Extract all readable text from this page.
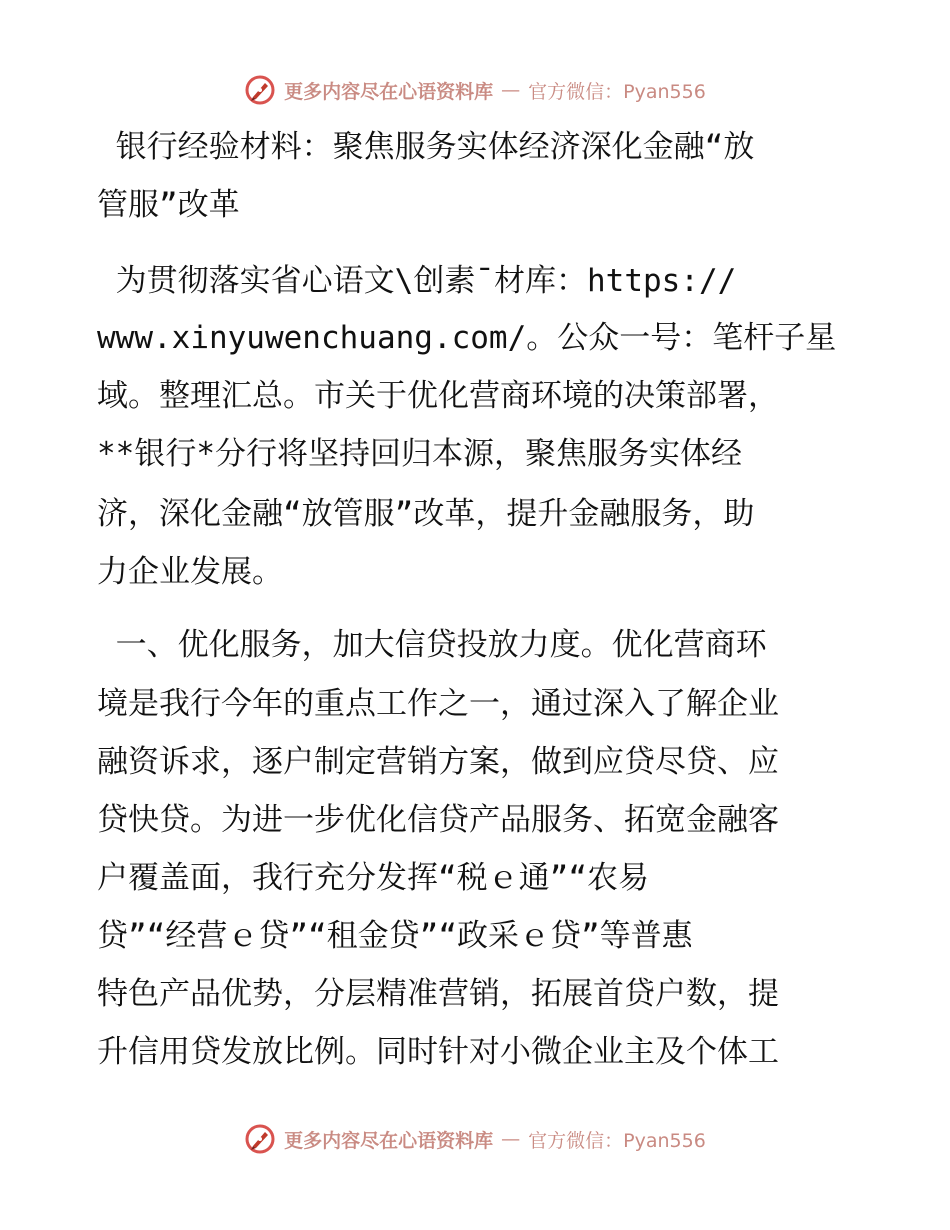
更多内容尽在心语资料库 — 官方微信：Pyan556
银行经验材料：聚焦服务实体经济深化金融“放
管服”改革
为贯彻落实省心语文\创素¯材库：https://
www.xinyuwenchuang.com/。公众一号：笔杆子星
域。整理汇总。市关于优化营商环境的决策部署，
**银行*分行将坚持回归本源，聚焦服务实体经
济，深化金融“放管服”改革，提升金融服务，助
力企业发展。
一、优化服务，加大信贷投放力度。优化营商环
境是我行今年的重点工作之一，通过深入了解企业
融资诉求，逐户制定营销方案，做到应贷尽贷、应
贷快贷。为进一步优化信贷产品服务、拓宽金融客
户覆盖面，我行充分发挥“税ｅ通”“农易
贷”“经营ｅ贷”“租金贷”“政采ｅ贷”等普惠
特色产品优势，分层精准营销，拓展首贷户数，提
升信用贷发放比例。同时针对小微企业主及个体工
更多内容尽在心语资料库 — 官方微信：Pyan556
